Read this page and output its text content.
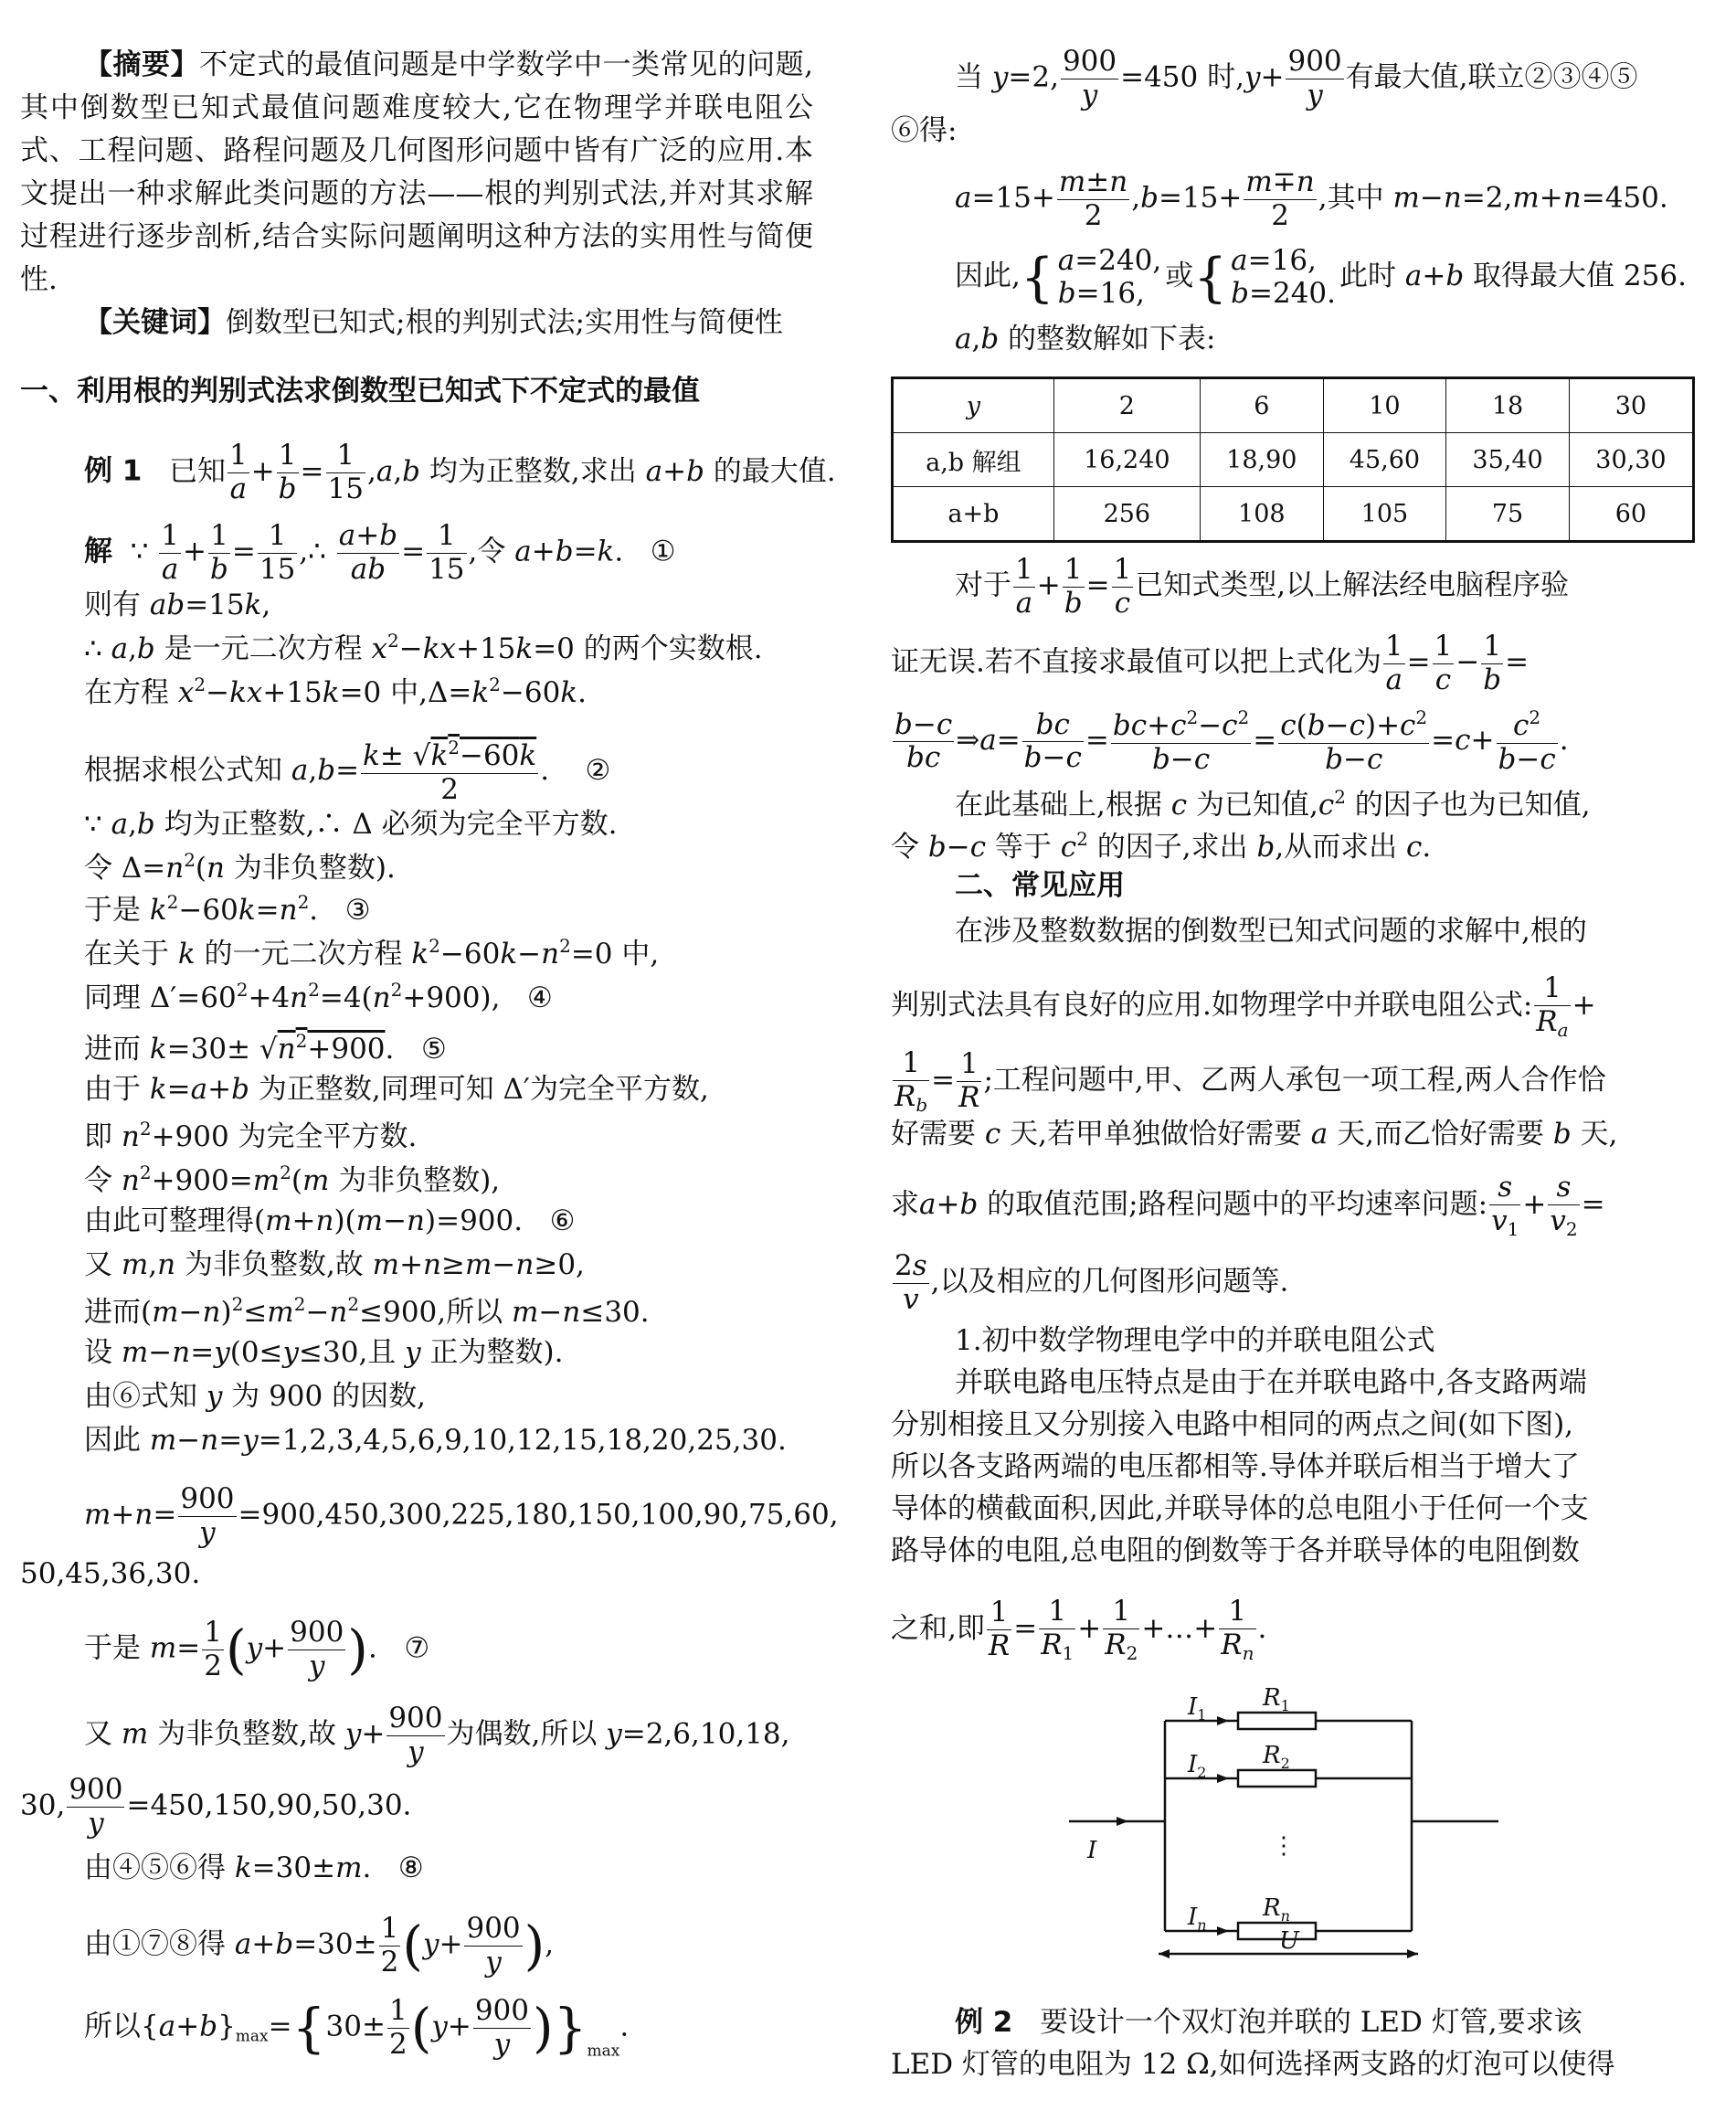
【摘要】不定式的最值问题是中学数学中一类常见的问题,其中倒数型已知式最值问题难度较大,它在物理学并联电阻公式、工程问题、路程问题及几何图形问题中皆有广泛的应用.本文提出一种求解此类问题的方法——根的判别式法,并对其求解过程进行逐步剖析,结合实际问题阐明这种方法的实用性与简便性.

【关键词】倒数型已知式;根的判别式法;实用性与简便性

一、利用根的判别式法求倒数型已知式下不定式的最值

例 1   已知 $\frac{1}{a} + \frac{1}{b} = \frac{1}{15} ,a,b$ 均为正整数,求出 a+b 的最大值.
解  ∵ $\frac{1}{a} + \frac{1}{b} = \frac{1}{15}$ ,∴ $\frac{a+b}{ab} = \frac{1}{15}$ ,令 a+b=k.   ①
则有 ab=15k,
∴ a,b 是一元二次方程 $x^2-kx+15k=0$ 的两个实数根.
在方程 $x^2-kx+15k=0$ 中$,\Delta=k^2-60k$.
根据求根公式知 $a,b= \frac{k\pm √k^2-60k}{2}$ .    ②
∵ a,b 均为正整数,∴ Δ 必须为完全平方数.
令 $\Delta=n^2(n$ 为非负整数).
于是 $k^2-60k=n^2$.   ③
在关于 k 的一元二次方程 $k^2-60k-n^2=0$ 中,
同理 $\Delta'=60^2+4n^2=4(n^2+900)$,   ④
进而 $k=30\pm √n^2+900$.   ⑤
由于 k=a+b 为正整数,同理可知 Δ′为完全平方数,
即 $n^2+900$ 为完全平方数.
令 $n^2+900=m^2(m$ 为非负整数),
由此可整理得(m+n)(m−n)=900.   ⑥
又 m,n 为非负整数,故 m+n≥m−n≥0,
进而$(m-n)^2\le m^2-n^2\le 900$,所以 m−n≤30.
设 m−n=y(0≤y≤30,且 y 正为整数).
由⑥式知 y 为 900 的因数,
因此 m−n=y=1,2,3,4,5,6,9,10,12,15,18,20,25,30.
$m+n= \frac{900}{y} =900,450,300,225,180,150,100,90,75,60$,
50,45,36,30.
于是 $m= \frac{1}{2} (y+ \frac{900}{y}$ ).   ⑦
又 m 为非负整数,故 $y+ \frac{900}{y}$ 为偶数,所以 y=2,6,10,18,
30, $\frac{900}{y} =450,150,90,50,30$.
由④⑤⑥得 k=30±m.   ⑧
由①⑦⑧得 $a+b=30\pm \frac{1}{2} (y+ \frac{900}{y}$ ),
所以$\{a+b\}_{max}=\{30\pm \frac{1}{2} (y+ \frac{900}{y} )\}_{max}$.
当 y=2, $\frac{900}{y} =450$ 时$,y+ \frac{900}{y}$ 有最大值,联立②③④⑤
⑥得:
$a=15+ \frac{m\pm n}{2} ,b=15+ \frac{m\mp n}{2}$ ,其中 m−n=2,m+n=450.
因此,{ a=240,
b=16,
或{ a=16,
b=240.
此时 a+b 取得最大值 256.
a,b 的整数解如下表:
y	2	6	10	18	30
a,b 解组	16,240	18,90	45,60	35,40	30,30
a+b	256	108	105	75	60
对于 $\frac{1}{a} + \frac{1}{b} = \frac{1}{c}$ 已知式类型,以上解法经电脑程序验
证无误.若不直接求最值可以把上式化为 $\frac{1}{a} = \frac{1}{c} - \frac{1}{b}$ =
$\frac{b-c}{bc}$ ⇒a= $\frac{bc}{b-c} = \frac{bc+c^2-c^2}{b-c} = \frac{c(b-c)+c^2}{b-c} =c+ \frac{c^2}{b-c}$ .
在此基础上,根据 c 为已知值$,c^2$ 的因子也为已知值,
令 b−c 等于 $c^2$ 的因子,求出 b,从而求出 c.
二、常见应用
在涉及整数数据的倒数型已知式问题的求解中,根的
判别式法具有良好的应用.如物理学中并联电阻公式: $\frac{1}{R_a}$ +
$\frac{1}{R_b} = \frac{1}{R}$ ;工程问题中,甲、乙两人承包一项工程,两人合作恰
好需要 c 天,若甲单独做恰好需要 a 天,而乙恰好需要 b 天,
求a+b 的取值范围;路程问题中的平均速率问题: $\frac{s}{v_1} + \frac{s}{v_2}$ =
$\frac{2s}{v}$ ,以及相应的几何图形问题等.
1.初中数学物理电学中的并联电阻公式
并联电路电压特点是由于在并联电路中,各支路两端
分别相接且又分别接入电路中相同的两点之间(如下图),
所以各支路两端的电压都相等.导体并联后相当于增大了
导体的横截面积,因此,并联导体的总电阻小于任何一个支
路导体的电阻,总电阻的倒数等于各并联导体的电阻倒数
之和,即 $\frac{1}{R} = \frac{1}{R_1} + \frac{1}{R_2}$ +…+ $\frac{1}{R_n}$ .
$I_1$
$R_1$
$I_2$
$R_2$
⋮
I
$I_n$
$R_n$
U
例 2 要设计一个双灯泡并联的 LED 灯管,要求该
LED 灯管的电阻为 12 Ω,如何选择两支路的灯泡可以使得
